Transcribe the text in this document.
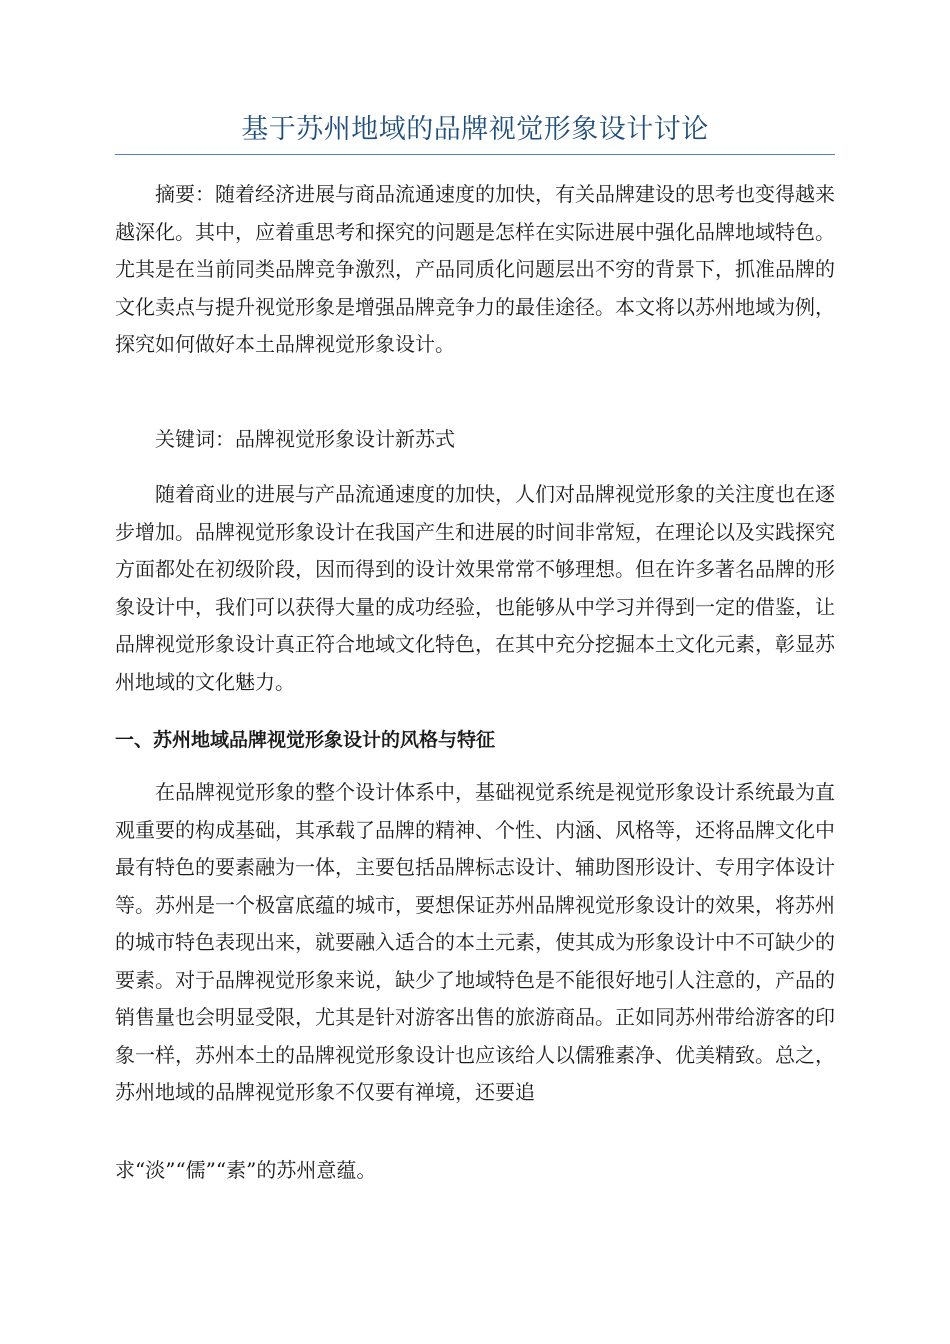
基于苏州地域的品牌视觉形象设计讨论

摘要：随着经济进展与商品流通速度的加快，有关品牌建设的思考也变得越来越深化。其中，应着重思考和探究的问题是怎样在实际进展中强化品牌地域特色。尤其是在当前同类品牌竞争激烈，产品同质化问题层出不穷的背景下，抓准品牌的文化卖点与提升视觉形象是增强品牌竞争力的最佳途径。本文将以苏州地域为例，探究如何做好本土品牌视觉形象设计。

关键词：品牌视觉形象设计新苏式

随着商业的进展与产品流通速度的加快，人们对品牌视觉形象的关注度也在逐步增加。品牌视觉形象设计在我国产生和进展的时间非常短，在理论以及实践探究方面都处在初级阶段，因而得到的设计效果常常不够理想。但在许多著名品牌的形象设计中，我们可以获得大量的成功经验，也能够从中学习并得到一定的借鉴，让品牌视觉形象设计真正符合地域文化特色，在其中充分挖掘本土文化元素，彰显苏州地域的文化魅力。

一、苏州地域品牌视觉形象设计的风格与特征

在品牌视觉形象的整个设计体系中，基础视觉系统是视觉形象设计系统最为直观重要的构成基础，其承载了品牌的精神、个性、内涵、风格等，还将品牌文化中最有特色的要素融为一体，主要包括品牌标志设计、辅助图形设计、专用字体设计等。苏州是一个极富底蕴的城市，要想保证苏州品牌视觉形象设计的效果，将苏州的城市特色表现出来，就要融入适合的本土元素，使其成为形象设计中不可缺少的要素。对于品牌视觉形象来说，缺少了地域特色是不能很好地引人注意的，产品的销售量也会明显受限，尤其是针对游客出售的旅游商品。正如同苏州带给游客的印象一样，苏州本土的品牌视觉形象设计也应该给人以儒雅素净、优美精致。总之，苏州地域的品牌视觉形象不仅要有禅境，还要追

求“淡”“儒”“素”的苏州意蕴。
